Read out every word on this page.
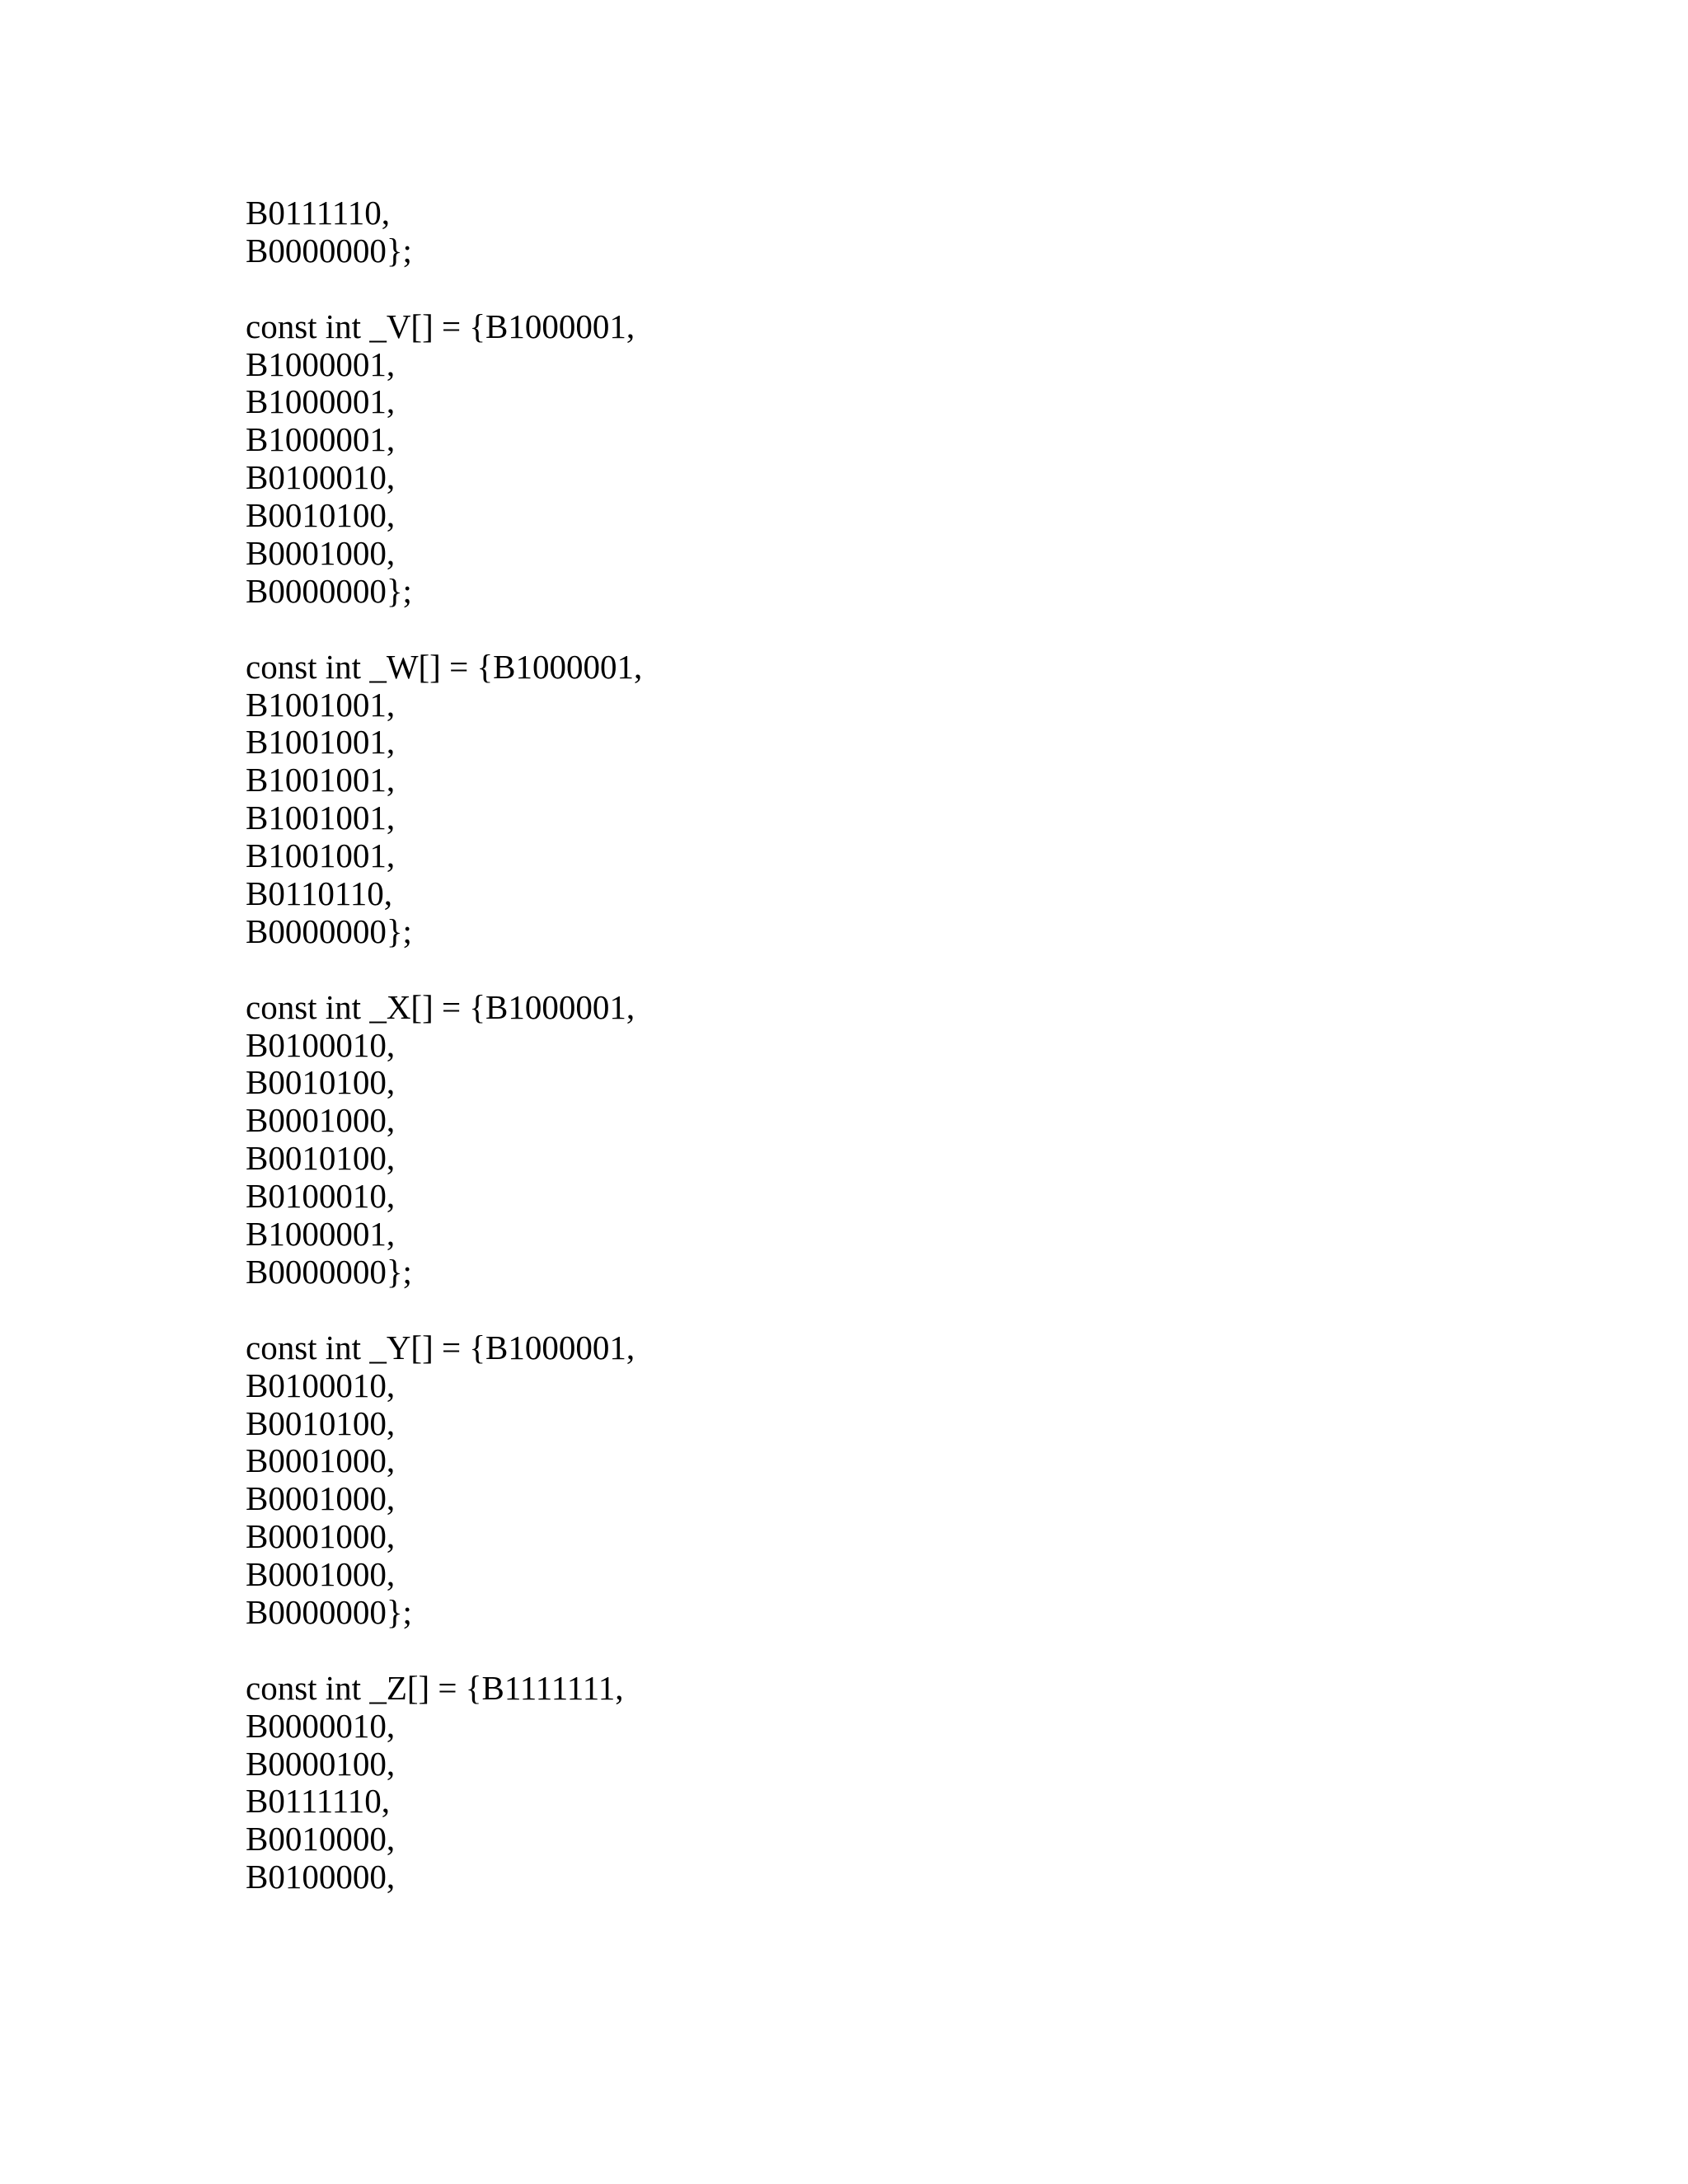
B0111110,
B0000000};
const int _V[] = {B1000001,
B1000001,
B1000001,
B1000001,
B0100010,
B0010100,
B0001000,
B0000000};
const int _W[] = {B1000001,
B1001001,
B1001001,
B1001001,
B1001001,
B1001001,
B0110110,
B0000000};
const int _X[] = {B1000001,
B0100010,
B0010100,
B0001000,
B0010100,
B0100010,
B1000001,
B0000000};
const int _Y[] = {B1000001,
B0100010,
B0010100,
B0001000,
B0001000,
B0001000,
B0001000,
B0000000};
const int _Z[] = {B1111111,
B0000010,
B0000100,
B0111110,
B0010000,
B0100000,
